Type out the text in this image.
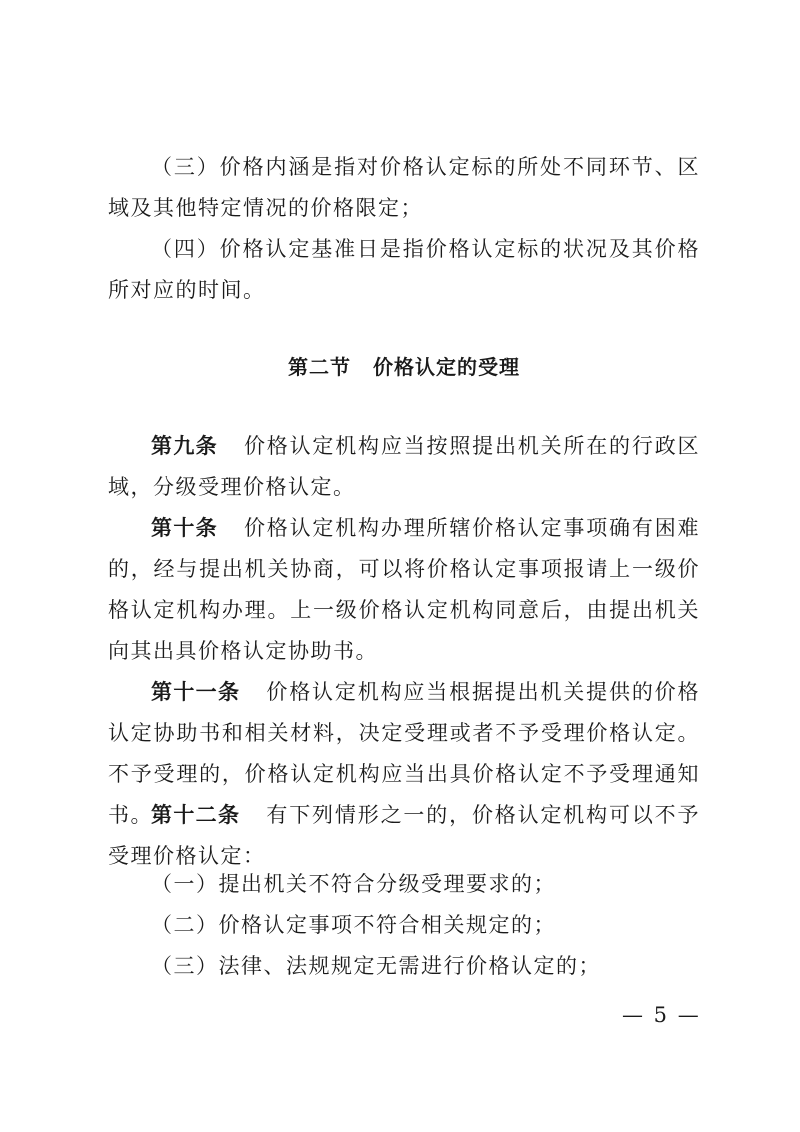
（三）价格内涵是指对价格认定标的所处不同环节、区域及其他特定情况的价格限定；

（四）价格认定基准日是指价格认定标的状况及其价格所对应的时间。

第二节 价格认定的受理

第九条 价格认定机构应当按照提出机关所在的行政区域，分级受理价格认定。

第十条 价格认定机构办理所辖价格认定事项确有困难的，经与提出机关协商，可以将价格认定事项报请上一级价格认定机构办理。上一级价格认定机构同意后，由提出机关向其出具价格认定协助书。

第十一条 价格认定机构应当根据提出机关提供的价格认定协助书和相关材料，决定受理或者不予受理价格认定。不予受理的，价格认定机构应当出具价格认定不予受理通知书。

第十二条 有下列情形之一的，价格认定机构可以不予受理价格认定：

（一）提出机关不符合分级受理要求的；

（二）价格认定事项不符合相关规定的；

（三）法律、法规规定无需进行价格认定的；

— 5 —
